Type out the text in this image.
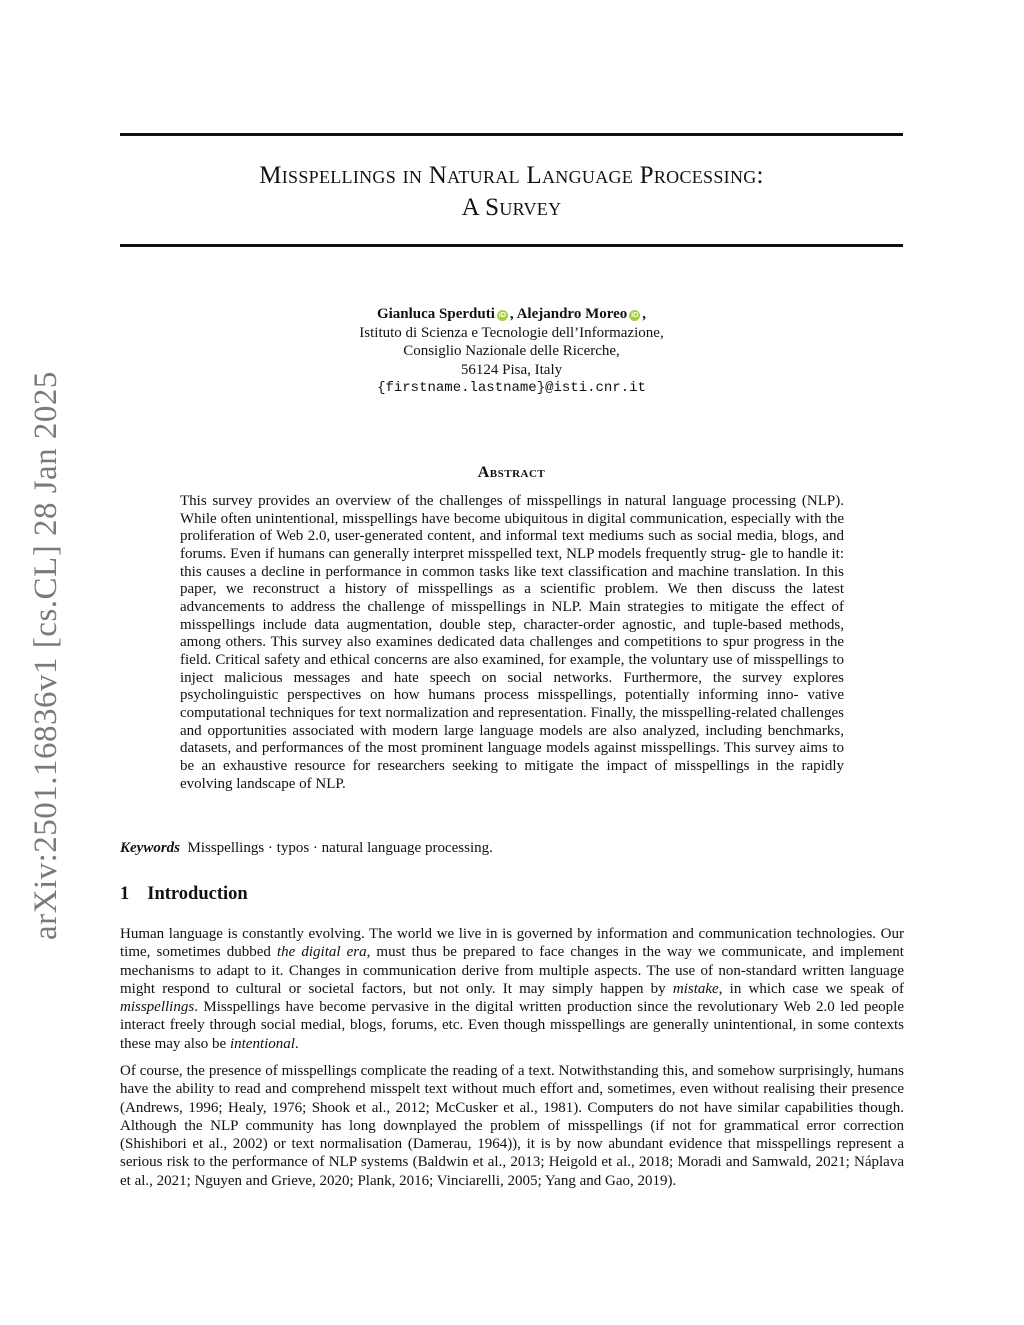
arXiv:2501.16836v1 [cs.CL] 28 Jan 2025
Misspellings in Natural Language Processing:
A Survey
Gianluca Sperduti iD , Alejandro Moreo iD ,
Istituto di Scienza e Tecnologie dell’Informazione,
Consiglio Nazionale delle Ricerche,
56124 Pisa, Italy
{firstname.lastname}@isti.cnr.it
Abstract
This survey provides an overview of the challenges of misspellings in natural language processing (NLP). While often unintentional, misspellings have become ubiquitous in digital communication, especially with the proliferation of Web 2.0, user-generated content, and informal text mediums such as social media, blogs, and forums. Even if humans can generally interpret misspelled text, NLP models frequently strug- gle to handle it: this causes a decline in performance in common tasks like text classification and machine translation. In this paper, we reconstruct a history of misspellings as a scientific problem. We then discuss the latest advancements to address the challenge of misspellings in NLP. Main strategies to mitigate the effect of misspellings include data augmentation, double step, character-order agnostic, and tuple-based methods, among others. This survey also examines dedicated data challenges and competitions to spur progress in the field. Critical safety and ethical concerns are also examined, for example, the voluntary use of misspellings to inject malicious messages and hate speech on social networks. Furthermore, the survey explores psycholinguistic perspectives on how humans process misspellings, potentially informing inno- vative computational techniques for text normalization and representation. Finally, the misspelling-related challenges and opportunities associated with modern large language models are also analyzed, including benchmarks, datasets, and performances of the most prominent language models against misspellings. This survey aims to be an exhaustive resource for researchers seeking to mitigate the impact of misspellings in the rapidly evolving landscape of NLP.
Keywords Misspellings · typos · natural language processing.
1 Introduction
Human language is constantly evolving. The world we live in is governed by information and communication technologies. Our time, sometimes dubbed the digital era, must thus be prepared to face changes in the way we communicate, and implement mechanisms to adapt to it. Changes in communication derive from multiple aspects. The use of non-standard written language might respond to cultural or societal factors, but not only. It may simply happen by mistake, in which case we speak of misspellings. Misspellings have become pervasive in the digital written production since the revolutionary Web 2.0 led people interact freely through social medial, blogs, forums, etc. Even though misspellings are generally unintentional, in some contexts these may also be intentional.
Of course, the presence of misspellings complicate the reading of a text. Notwithstanding this, and somehow surprisingly, humans have the ability to read and comprehend misspelt text without much effort and, sometimes, even without realising their presence (Andrews, 1996; Healy, 1976; Shook et al., 2012; McCusker et al., 1981). Computers do not have similar capabilities though. Although the NLP community has long downplayed the problem of misspellings (if not for grammatical error correction (Shishibori et al., 2002) or text normalisation (Damerau, 1964)), it is by now abundant evidence that misspellings represent a serious risk to the performance of NLP systems (Baldwin et al., 2013; Heigold et al., 2018; Moradi and Samwald, 2021; Náplava et al., 2021; Nguyen and Grieve, 2020; Plank, 2016; Vinciarelli, 2005; Yang and Gao, 2019).
